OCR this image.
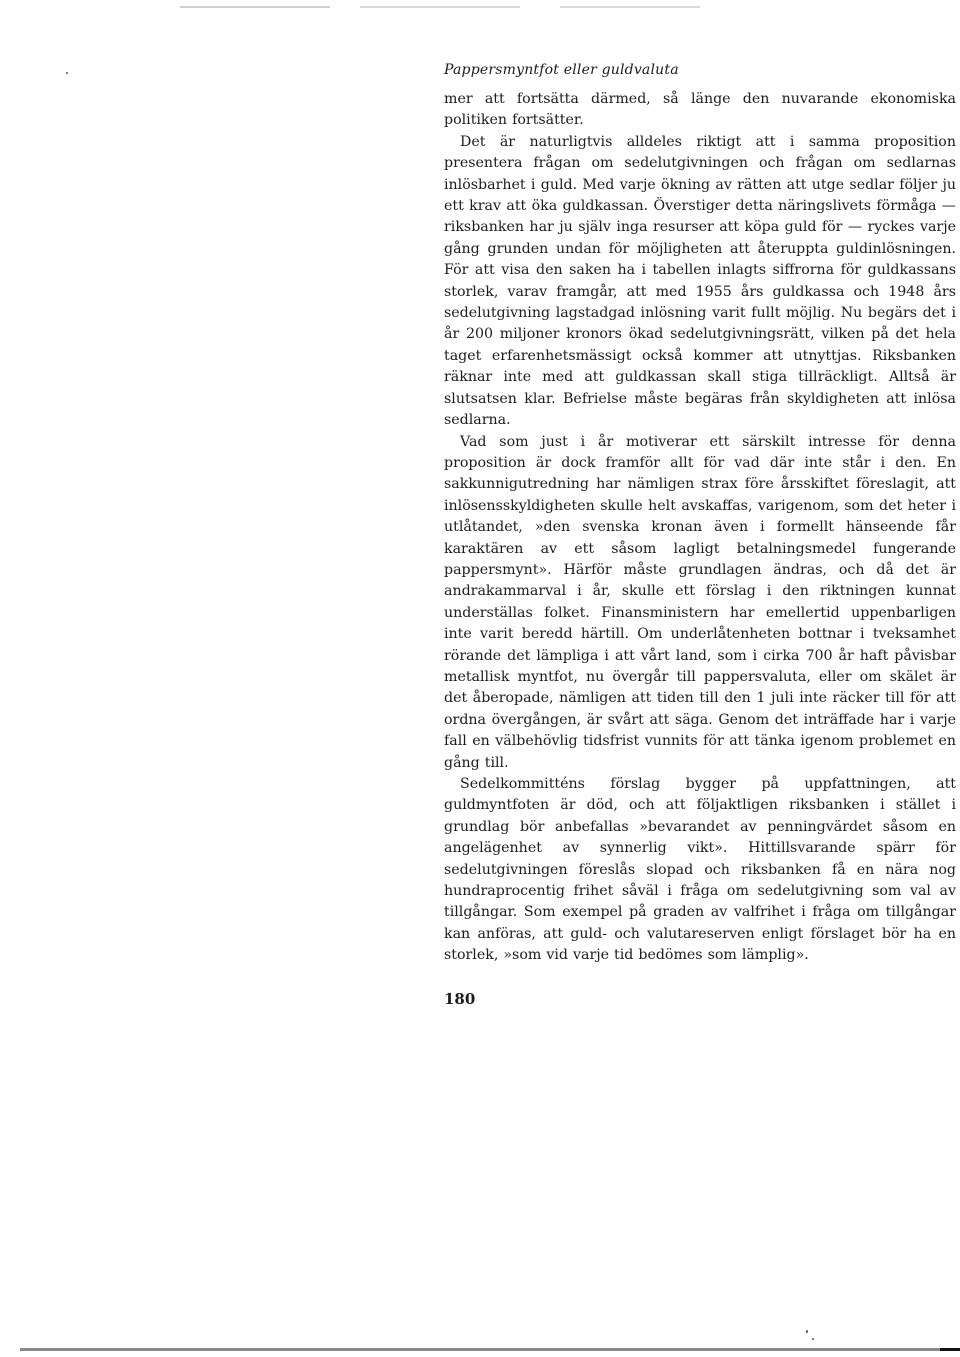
Pappersmyntfot eller guldvaluta

mer att fortsätta därmed, så länge den nuvarande ekonomiska politiken fortsätter.

Det är naturligtvis alldeles riktigt att i samma proposition presentera frågan om sedelutgivningen och frågan om sedlarnas inlösbarhet i guld. Med varje ökning av rätten att utge sedlar följer ju ett krav att öka guldkassan. Överstiger detta näringslivets förmåga — riksbanken har ju själv inga resurser att köpa guld för — ryckes varje gång grunden undan för möjligheten att återuppta guldinlösningen. För att visa den saken ha i tabellen inlagts siffrorna för guldkassans storlek, varav framgår, att med 1955 års guldkassa och 1948 års sedelutgivning lagstadgad inlösning varit fullt möjlig. Nu begärs det i år 200 miljoner kronors ökad sedelutgivningsrätt, vilken på det hela taget erfarenhetsmässigt också kommer att utnyttjas. Riksbanken räknar inte med att guldkassan skall stiga tillräckligt. Alltså är slutsatsen klar. Befrielse måste begäras från skyldigheten att inlösa sedlarna.

Vad som just i år motiverar ett särskilt intresse för denna proposition är dock framför allt för vad där inte står i den. En sakkunnigutredning har nämligen strax före årsskiftet föreslagit, att inlösensskyldigheten skulle helt avskaffas, varigenom, som det heter i utlåtandet, »den svenska kronan även i formellt hänseende får karaktären av ett såsom lagligt betalningsmedel fungerande pappersmynt». Härför måste grundlagen ändras, och då det är andrakammarval i år, skulle ett förslag i den riktningen kunnat underställas folket. Finansministern har emellertid uppenbarligen inte varit beredd härtill. Om underlåtenheten bottnar i tveksamhet rörande det lämpliga i att vårt land, som i cirka 700 år haft påvisbar metallisk myntfot, nu övergår till pappersvaluta, eller om skälet är det åberopade, nämligen att tiden till den 1 juli inte räcker till för att ordna övergången, är svårt att säga. Genom det inträffade har i varje fall en välbehövlig tidsfrist vunnits för att tänka igenom problemet en gång till.

Sedelkommitténs förslag bygger på uppfattningen, att guldmyntfoten är död, och att följaktligen riksbanken i stället i grundlag bör anbefallas »bevarandet av penningvärdet såsom en angelägenhet av synnerlig vikt». Hittillsvarande spärr för sedelutgivningen föreslås slopad och riksbanken få en nära nog hundraprocentig frihet såväl i fråga om sedelutgivning som val av tillgångar. Som exempel på graden av valfrihet i fråga om tillgångar kan anföras, att guld- och valutareserven enligt förslaget bör ha en storlek, »som vid varje tid bedömes som lämplig».

180
